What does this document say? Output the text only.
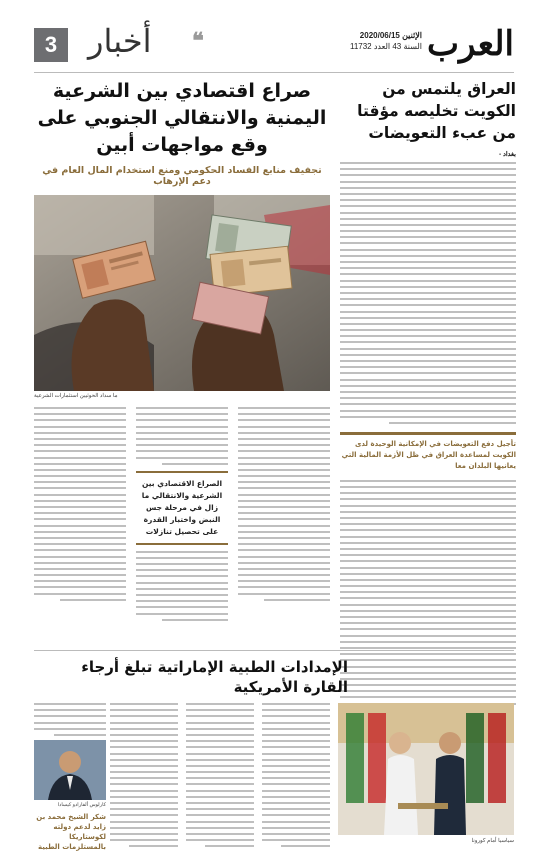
العرب
الإثنين 2020/06/15
السنة 43 العدد 11732
❝
أخبار
3
العراق يلتمس من الكويت تخليصه مؤقتا من عبء التعويضات
بغداد -

تأجيل دفع التعويضات في الإمكانية الوحيدة لدى الكويت لمساعدة العراق في ظل الأزمة المالية التي يعانيها البلدان معا

صراع اقتصادي بين الشرعية اليمنية والانتقالي الجنوبي على وقع مواجهات أبين
تجفيف منابع الفساد الحكومي ومنع استخدام المال العام في دعم الإرهاب
ما سداد الحوثيين استثمارات الشرعية

الصراع الاقتصادي بين الشرعية والانتقالي ما زال في مرحلة جس النبض واختبار القدرة على تحصيل تنازلات

الإمدادات الطبية الإماراتية تبلغ أرجاء القارة الأمريكية
سياسيا أمام كورونا
كارلوس ألفارادو كيسادا
شكر الشيخ محمد بن زايد لدعم دولته لكوستاريكا بالمستلزمات الطبية
